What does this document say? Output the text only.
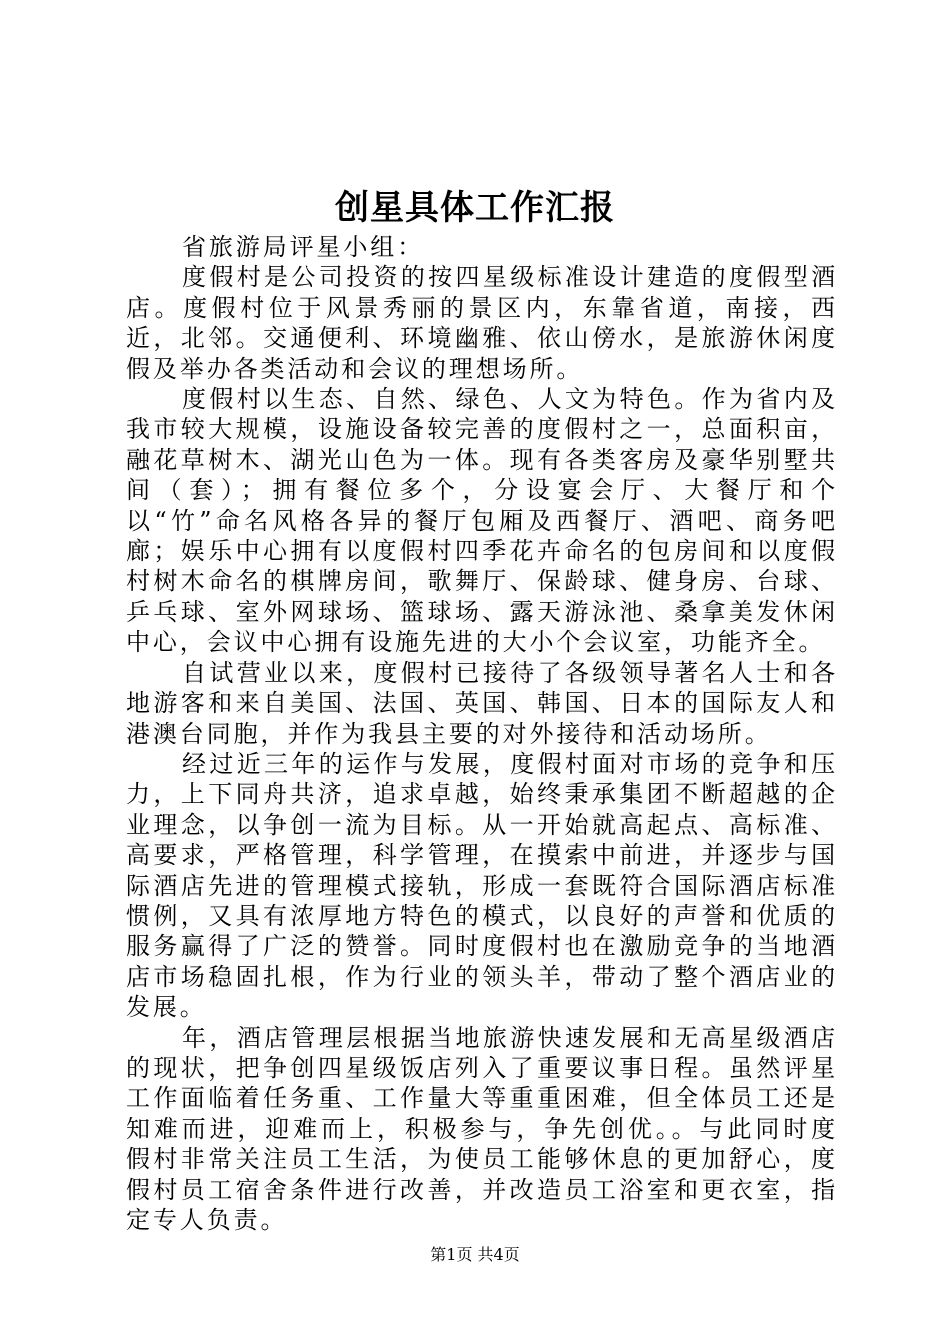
创星具体工作汇报

省旅游局评星小组：

度假村是公司投资的按四星级标准设计建造的度假型酒店。度假村位于风景秀丽的景区内，东靠省道，南接，西近，北邻。交通便利、环境幽雅、依山傍水，是旅游休闲度假及举办各类活动和会议的理想场所。

度假村以生态、自然、绿色、人文为特色。作为省内及我市较大规模，设施设备较完善的度假村之一，总面积亩，融花草树木、湖光山色为一体。现有各类客房及豪华别墅共间（套）；拥有餐位多个，分设宴会厅、大餐厅和个以“竹”命名风格各异的餐厅包厢及西餐厅、酒吧、商务吧廊；娱乐中心拥有以度假村四季花卉命名的包房间和以度假村树木命名的棋牌房间，歌舞厅、保龄球、健身房、台球、乒乓球、室外网球场、篮球场、露天游泳池、桑拿美发休闲中心，会议中心拥有设施先进的大小个会议室，功能齐全。

自试营业以来，度假村已接待了各级领导著名人士和各地游客和来自美国、法国、英国、韩国、日本的国际友人和港澳台同胞，并作为我县主要的对外接待和活动场所。

经过近三年的运作与发展，度假村面对市场的竞争和压力，上下同舟共济，追求卓越，始终秉承集团不断超越的企业理念，以争创一流为目标。从一开始就高起点、高标准、高要求，严格管理，科学管理，在摸索中前进，并逐步与国际酒店先进的管理模式接轨，形成一套既符合国际酒店标准惯例，又具有浓厚地方特色的模式，以良好的声誉和优质的服务赢得了广泛的赞誉。同时度假村也在激励竞争的当地酒店市场稳固扎根，作为行业的领头羊，带动了整个酒店业的发展。

年，酒店管理层根据当地旅游快速发展和无高星级酒店的现状，把争创四星级饭店列入了重要议事日程。虽然评星工作面临着任务重、工作量大等重重困难，但全体员工还是知难而进，迎难而上，积极参与，争先创优。。与此同时度假村非常关注员工生活，为使员工能够休息的更加舒心，度假村员工宿舍条件进行改善，并改造员工浴室和更衣室，指定专人负责。

第1页 共4页
